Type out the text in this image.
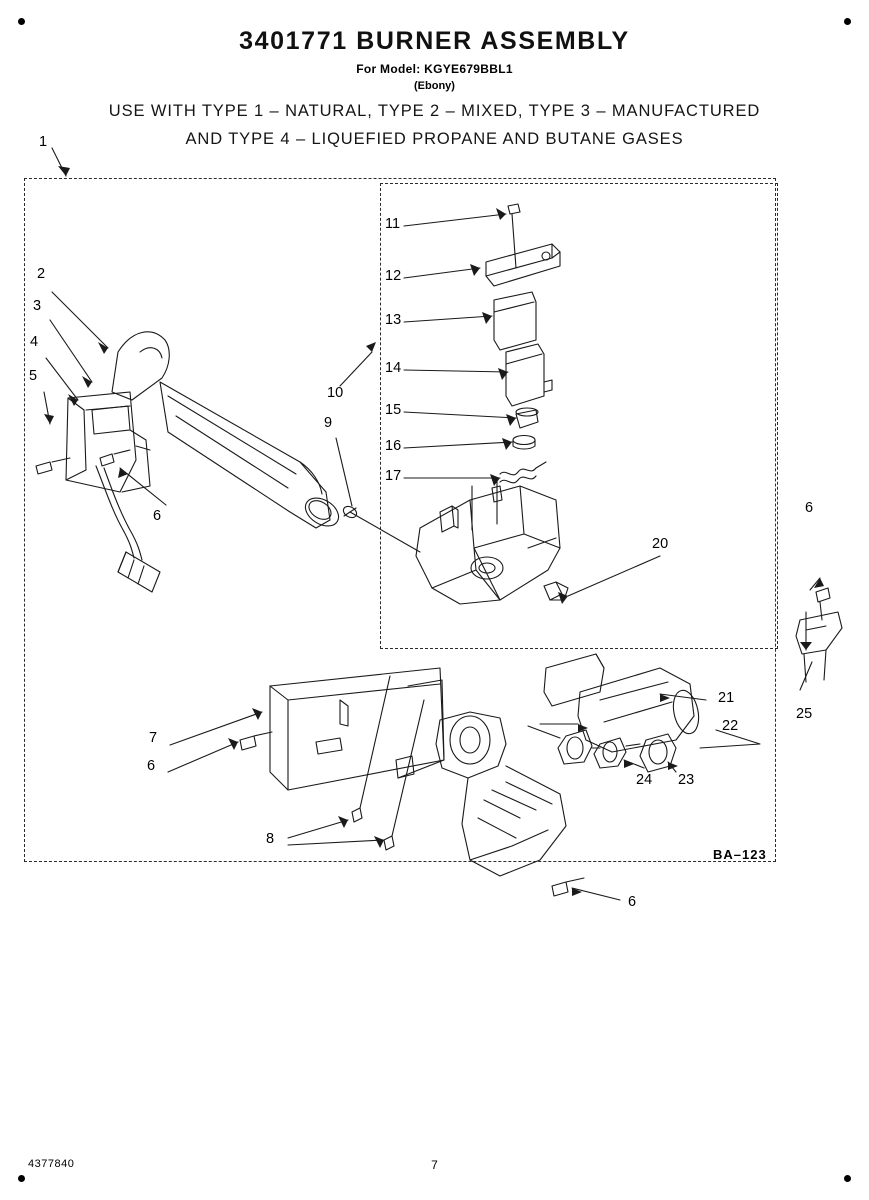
3401771 BURNER ASSEMBLY
For Model: KGYE679BBL1
(Ebony)
USE WITH TYPE 1 – NATURAL, TYPE 2 – MIXED, TYPE 3 – MANUFACTURED
AND TYPE 4 – LIQUEFIED PROPANE AND BUTANE GASES
1
2
3
4
5
6
7
6
8
9
10
11
12
13
14
15
16
17
20
21
22
23
24
25
6
6
BA–123
4377840	7
